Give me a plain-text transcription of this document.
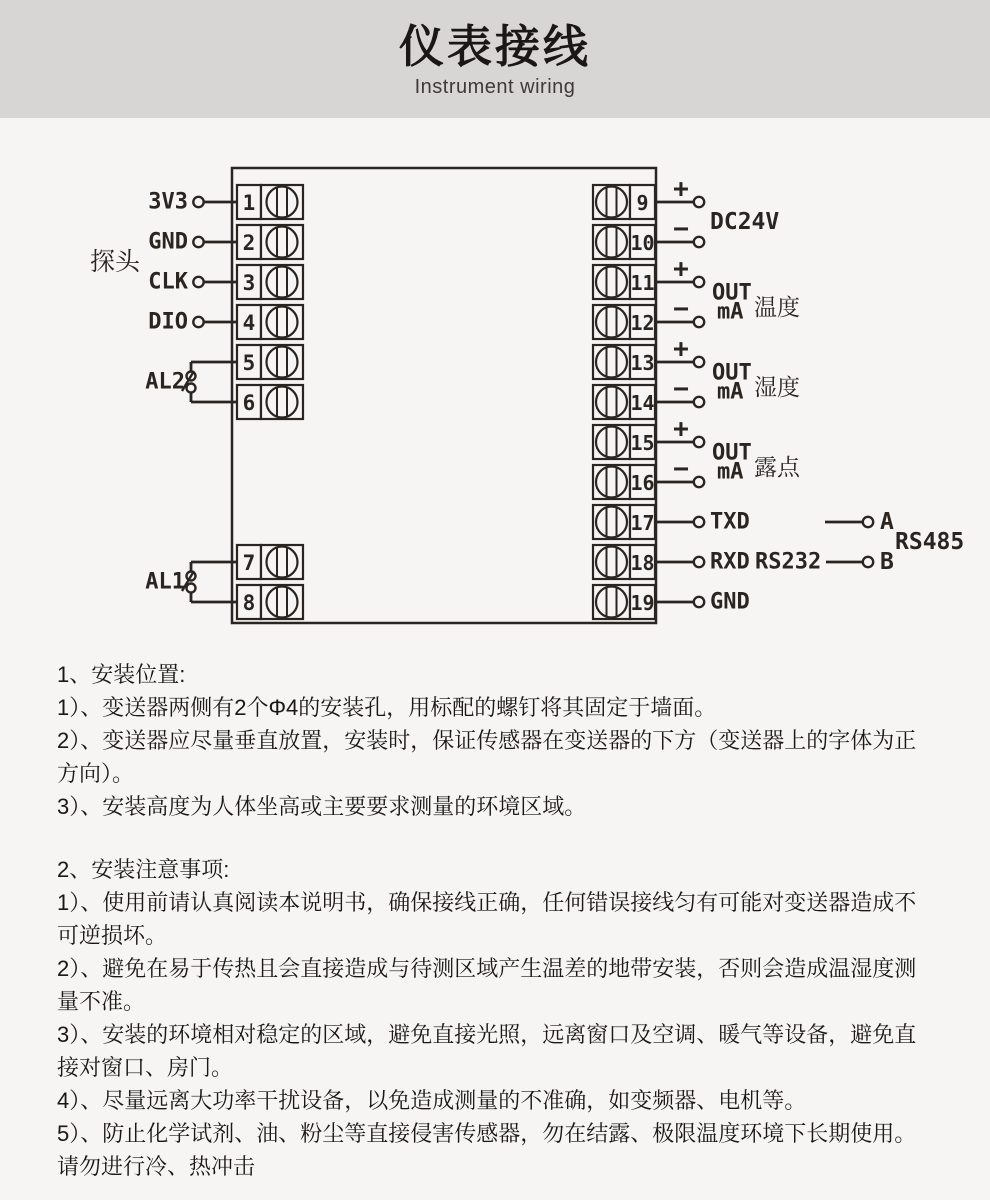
仪表接线
Instrument wiring
1
3V3
2
GND
3
CLK
4
DIO
5
6
7
8
探头
AL2
AL1
9 +
10 −
11 +
12 −
13 +
14 −
15 +
16 −
17	TXD
18	RXD RS232
19	GND
DC24V
OUT
mA 温度
OUT
mA 湿度
OUT
mA 露点
A
B
RS485
1、安装位置:

1）、变送器两侧有2个Φ4的安装孔，用标配的螺钉将其固定于墙面。

2）、变送器应尽量垂直放置，安装时，保证传感器在变送器的下方（变送器上的字体为正方向）。

3）、安装高度为人体坐高或主要要求测量的环境区域。

2、安装注意事项:

1）、使用前请认真阅读本说明书，确保接线正确，任何错误接线匀有可能对变送器造成不可逆损坏。

2）、避免在易于传热且会直接造成与待测区域产生温差的地带安装，否则会造成温湿度测量不准。

3）、安装的环境相对稳定的区域，避免直接光照，远离窗口及空调、暖气等设备，避免直接对窗口、房门。

4）、尽量远离大功率干扰设备，以免造成测量的不准确，如变频器、电机等。

5）、防止化学试剂、油、粉尘等直接侵害传感器，勿在结露、极限温度环境下长期使用。请勿进行冷、热冲击
